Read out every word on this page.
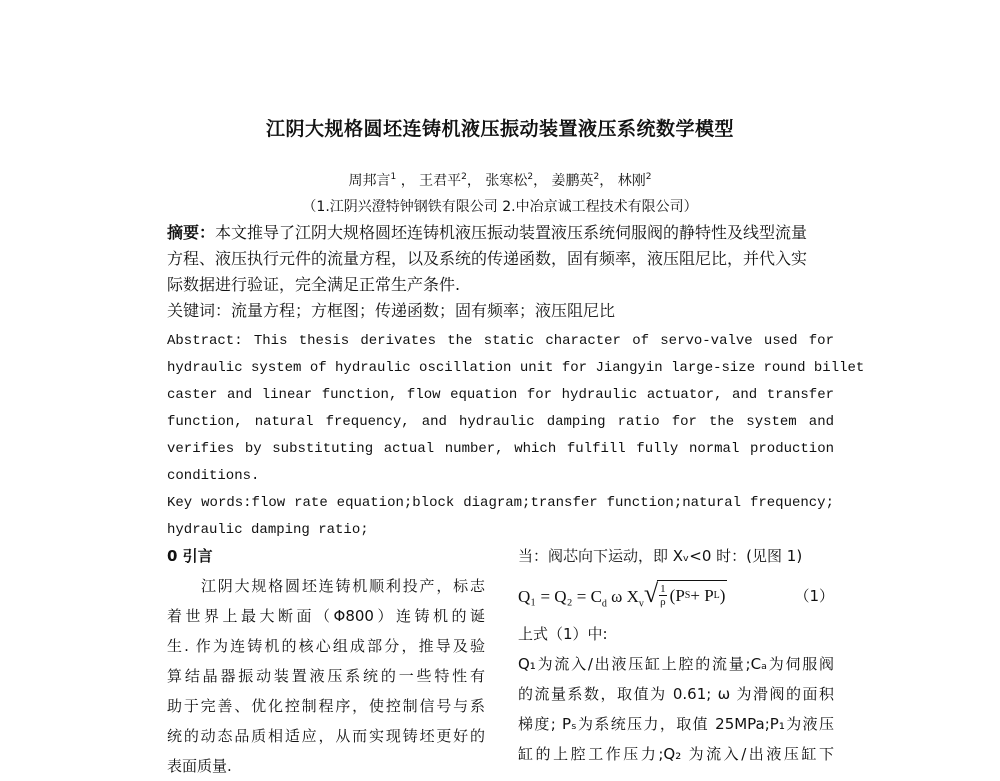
江阴大规格圆坯连铸机液压振动装置液压系统数学模型
周邦言$^1$ ， 王君平$^2$， 张寒松$^2$， 姜鹏英$^2$， 林刚$^2$
（1.江阴兴澄特钟钢铁有限公司 2.中冶京诚工程技术有限公司）
摘要：本文推导了江阴大规格圆坯连铸机液压振动装置液压系统伺服阀的静特性及线型流量
方程、液压执行元件的流量方程，以及系统的传递函数，固有频率，液压阻尼比，并代入实
际数据进行验证，完全满足正常生产条件.
关键词：流量方程；方框图；传递函数；固有频率；液压阻尼比
Abstract: This thesis derivates the static character of servo-valve used for
hydraulic system of hydraulic oscillation unit for Jiangyin large-size round billet
caster and linear function, flow equation for hydraulic actuator, and transfer
function, natural frequency, and hydraulic damping ratio for the system and
verifies by substituting actual number, which fulfill fully normal production
conditions.
Key words:flow rate equation;block diagram;transfer function;natural frequency;
hydraulic damping ratio;
0 引言
江阴大规格圆坯连铸机顺利投产，标志
着世界上最大断面（Φ800）连铸机的诞
生. 作为连铸机的核心组成部分，推导及验
算结晶器振动装置液压系统的一些特性有
助于完善、优化控制程序，使控制信号与系
统的动态品质相适应，从而实现铸坯更好的
表面质量.
当：阀芯向下运动，即 Xᵥ<0 时：(见图 1)
$Q_1 = Q_2 = C_d$ ω $X_v$ √ $\frac{1}{\rho} (P$ S + P L )	（1）
上式（1）中:
Q₁为流入/出液压缸上腔的流量;Cₐ为伺服阀
的流量系数，取值为 0.61; ω 为滑阀的面积
梯度; Pₛ为系统压力，取值 25MPa;P₁为液压
缸的上腔工作压力;Q₂ 为流入/出液压缸下
